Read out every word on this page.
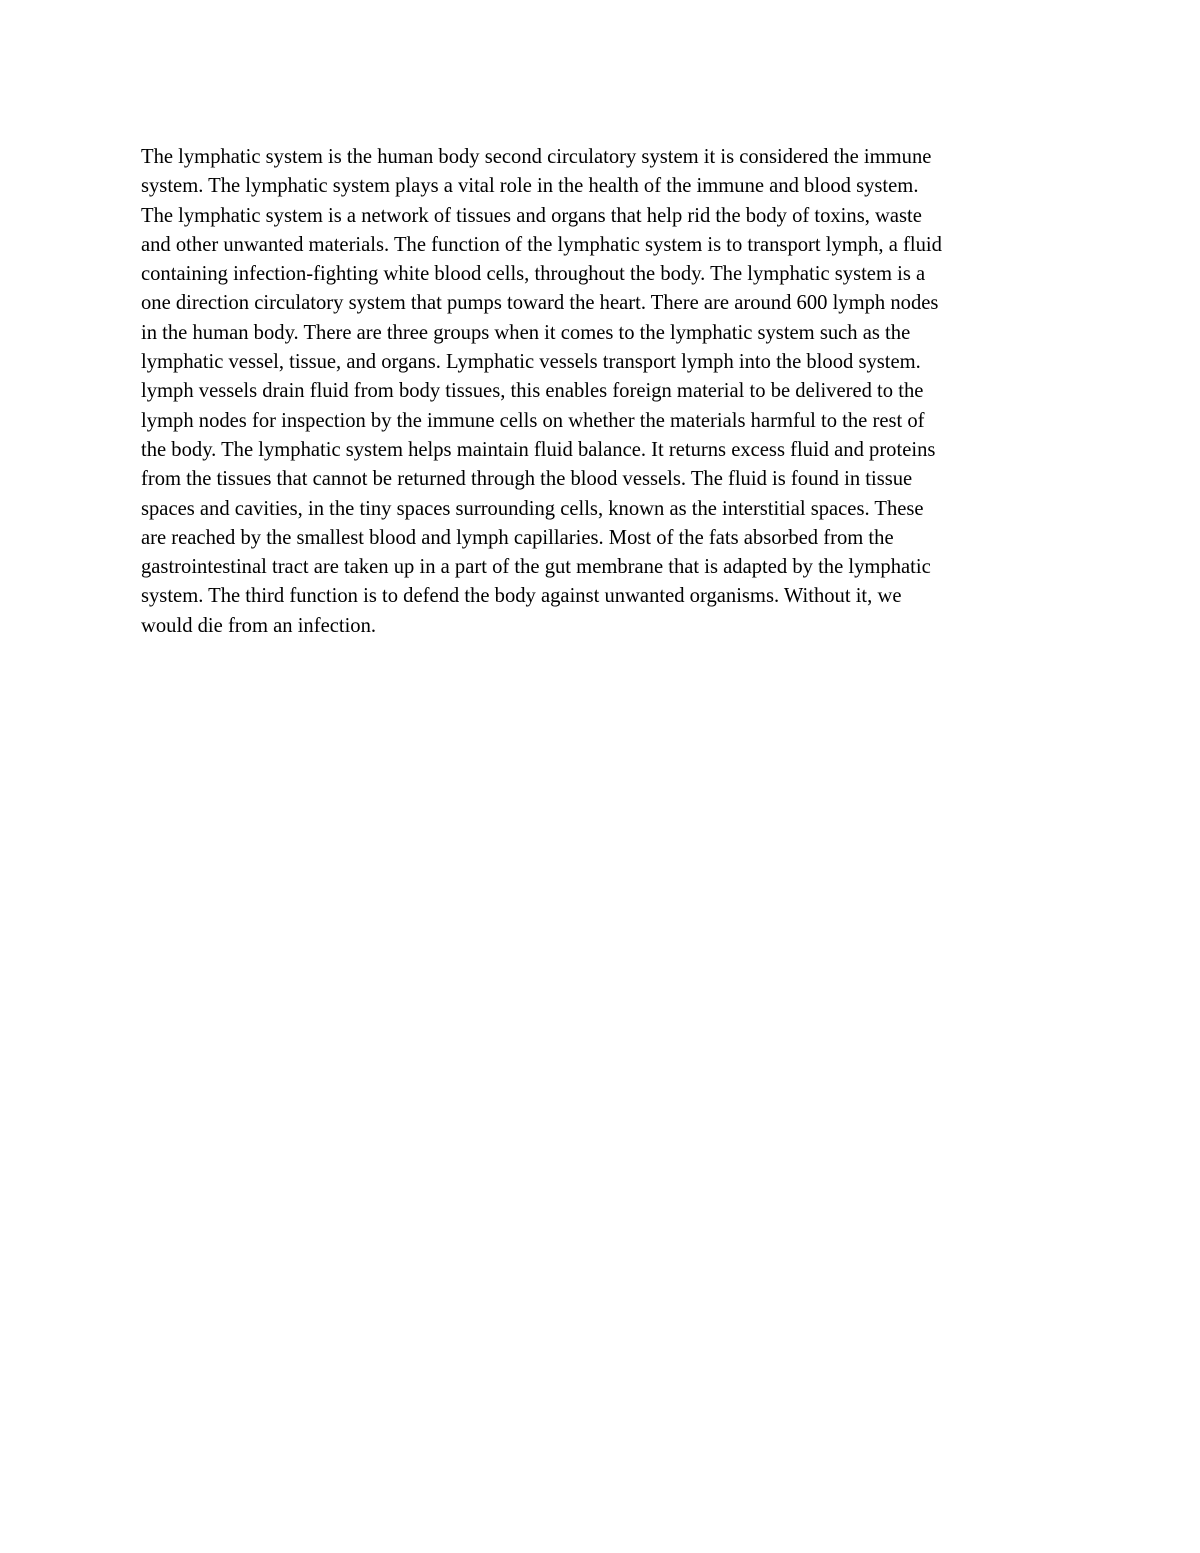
The lymphatic system is the human body second circulatory system it is considered the immune
system. The lymphatic system plays a vital role in the health of the immune and blood system.
The lymphatic system is a network of tissues and organs that help rid the body of toxins, waste
and other unwanted materials. The function of the lymphatic system is to transport lymph, a fluid
containing infection-fighting white blood cells, throughout the body. The lymphatic system is a
one direction circulatory system that pumps toward the heart. There are around 600 lymph nodes
in the human body. There are three groups when it comes to the lymphatic system such as the
lymphatic vessel, tissue, and organs. Lymphatic vessels transport lymph into the blood system.
lymph vessels drain fluid from body tissues, this enables foreign material to be delivered to the
lymph nodes for inspection by the immune cells on whether the materials harmful to the rest of
the body. The lymphatic system helps maintain fluid balance. It returns excess fluid and proteins
from the tissues that cannot be returned through the blood vessels. The fluid is found in tissue
spaces and cavities, in the tiny spaces surrounding cells, known as the interstitial spaces. These
are reached by the smallest blood and lymph capillaries. Most of the fats absorbed from the
gastrointestinal tract are taken up in a part of the gut membrane that is adapted by the lymphatic
system. The third function is to defend the body against unwanted organisms. Without it, we
would die from an infection.
